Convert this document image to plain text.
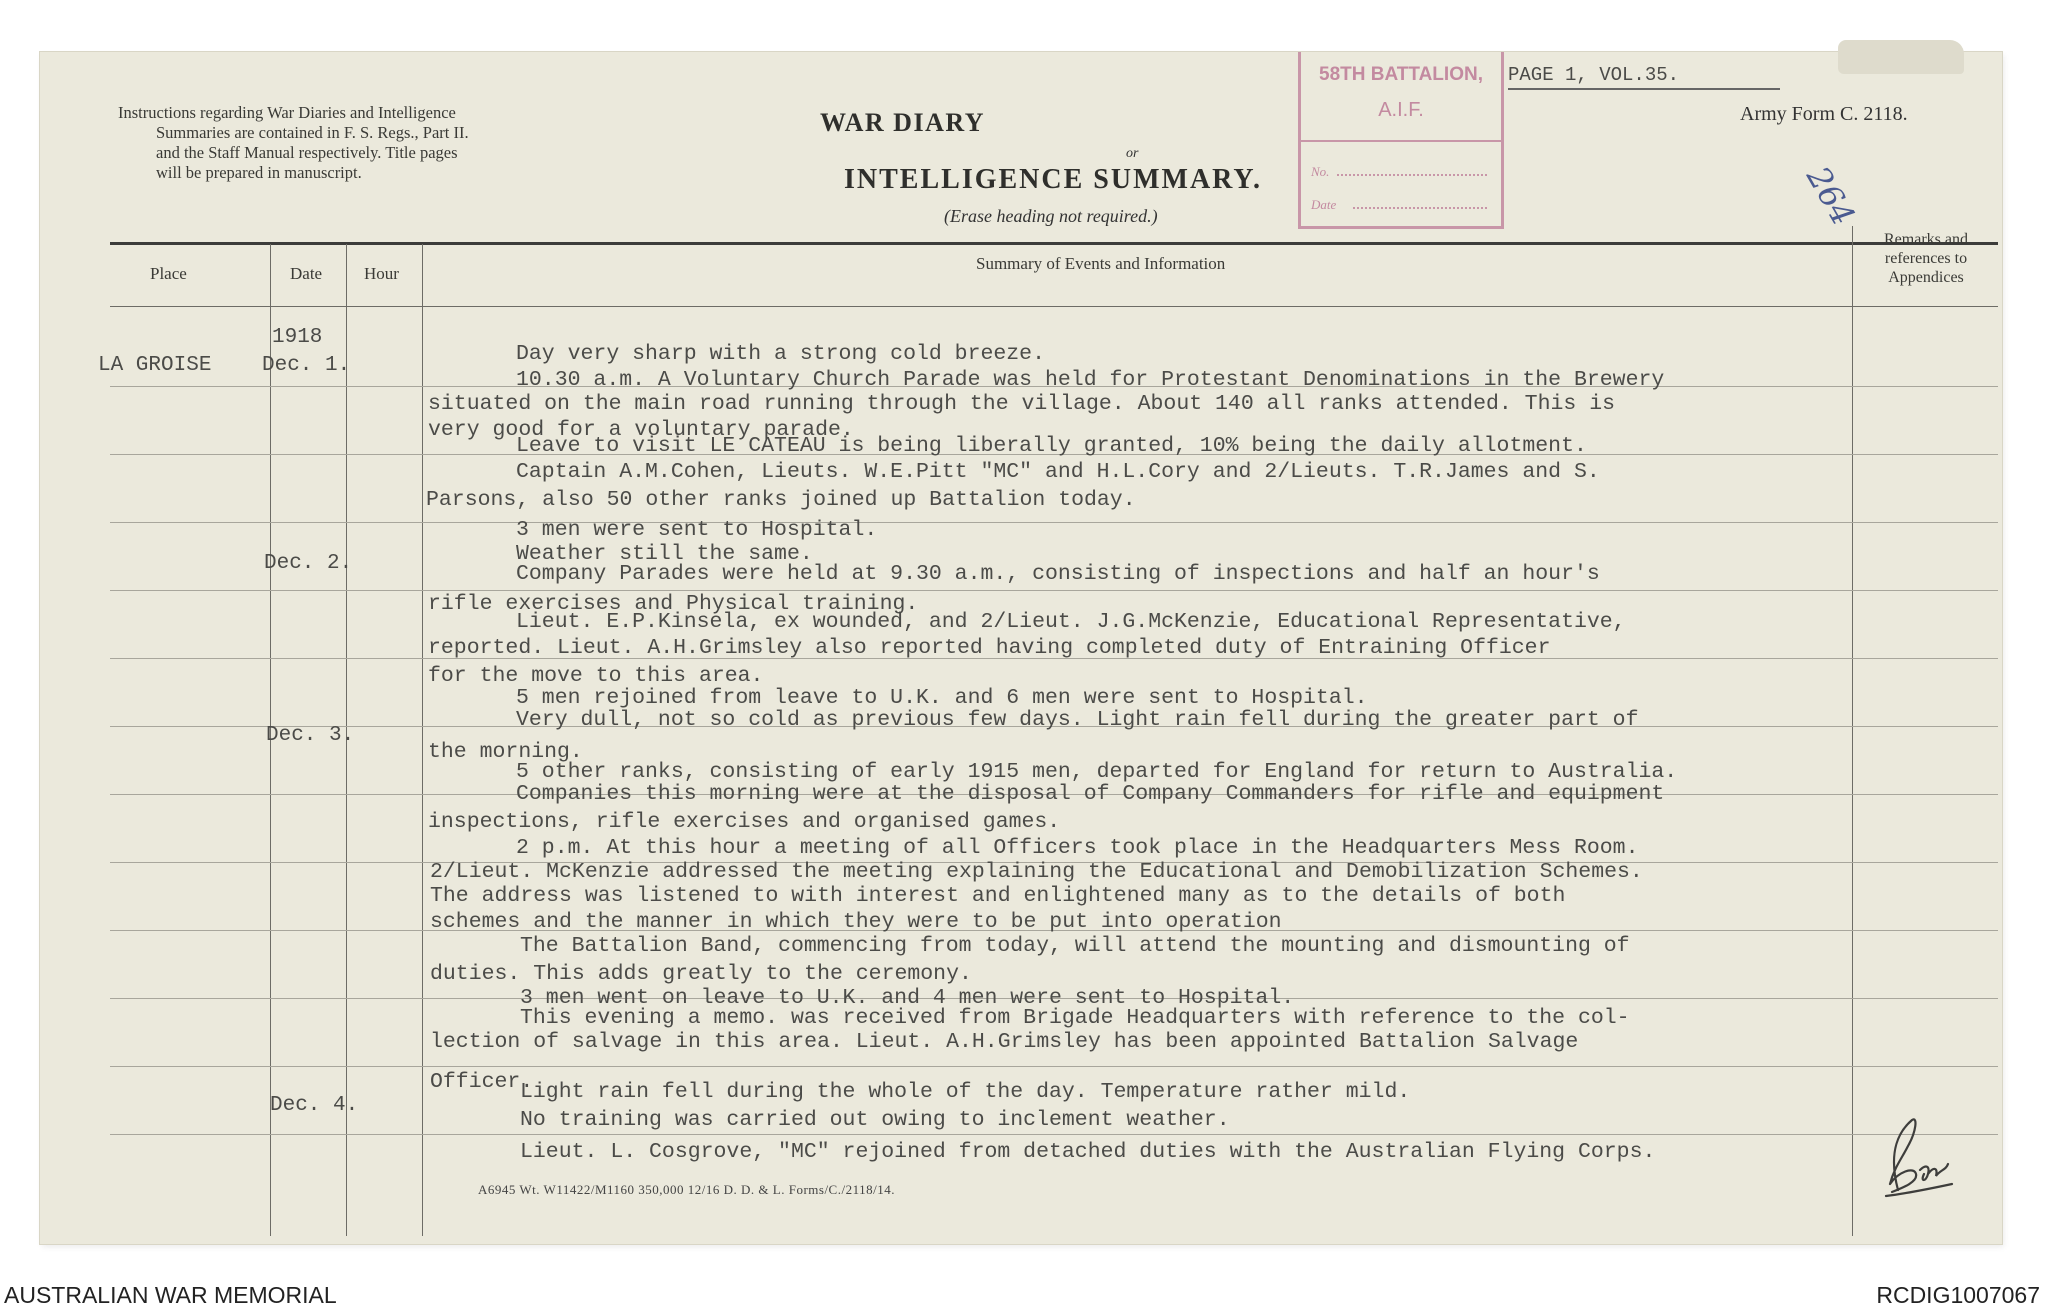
Instructions regarding War Diaries and Intelligence
Summaries are contained in F. S. Regs., Part II.
and the Staff Manual respectively. Title pages
will be prepared in manuscript.
WAR DIARY
or
INTELLIGENCE SUMMARY.
(Erase heading not required.)
58TH BATTALION,
A.I.F.
No.
Date
PAGE 1, VOL.35.
Army Form C. 2118.
264
Place	Date Hour
Summary of Events and Information
Remarks and
references to
Appendices
LA GROISE
1918
Dec. 1.
Dec. 2.
Dec. 3.
Dec. 4.
Day very sharp with a strong cold breeze.
10.30 a.m. A Voluntary Church Parade was held for Protestant Denominations in the Brewery
situated on the main road running through the village. About 140 all ranks attended. This is
very good for a voluntary parade.
Leave to visit LE CATEAU is being liberally granted, 10% being the daily allotment.
Captain A.M.Cohen, Lieuts. W.E.Pitt "MC" and H.L.Cory and 2/Lieuts. T.R.James and S.
Parsons, also 50 other ranks joined up Battalion today.
3 men were sent to Hospital.
Weather still the same.
Company Parades were held at 9.30 a.m., consisting of inspections and half an hour's
rifle exercises and Physical training.
Lieut. E.P.Kinsela, ex wounded, and 2/Lieut. J.G.McKenzie, Educational Representative,
reported. Lieut. A.H.Grimsley also reported having completed duty of Entraining Officer
for the move to this area.
5 men rejoined from leave to U.K. and 6 men were sent to Hospital.
Very dull, not so cold as previous few days. Light rain fell during the greater part of
the morning.
5 other ranks, consisting of early 1915 men, departed for England for return to Australia.
Companies this morning were at the disposal of Company Commanders for rifle and equipment
inspections, rifle exercises and organised games.
2 p.m. At this hour a meeting of all Officers took place in the Headquarters Mess Room.
2/Lieut. McKenzie addressed the meeting explaining the Educational and Demobilization Schemes.
The address was listened to with interest and enlightened many as to the details of both
schemes and the manner in which they were to be put into operation
The Battalion Band, commencing from today, will attend the mounting and dismounting of
duties. This adds greatly to the ceremony.
3 men went on leave to U.K. and 4 men were sent to Hospital.
This evening a memo. was received from Brigade Headquarters with reference to the col-
lection of salvage in this area. Lieut. A.H.Grimsley has been appointed Battalion Salvage
Officer.
Light rain fell during the whole of the day. Temperature rather mild.
No training was carried out owing to inclement weather.
Lieut. L. Cosgrove, "MC" rejoined from detached duties with the Australian Flying Corps.
A6945 Wt. W11422/M1160 350,000 12/16 D. D. & L. Forms/C./2118/14.
AUSTRALIAN WAR MEMORIAL	RCDIG1007067
